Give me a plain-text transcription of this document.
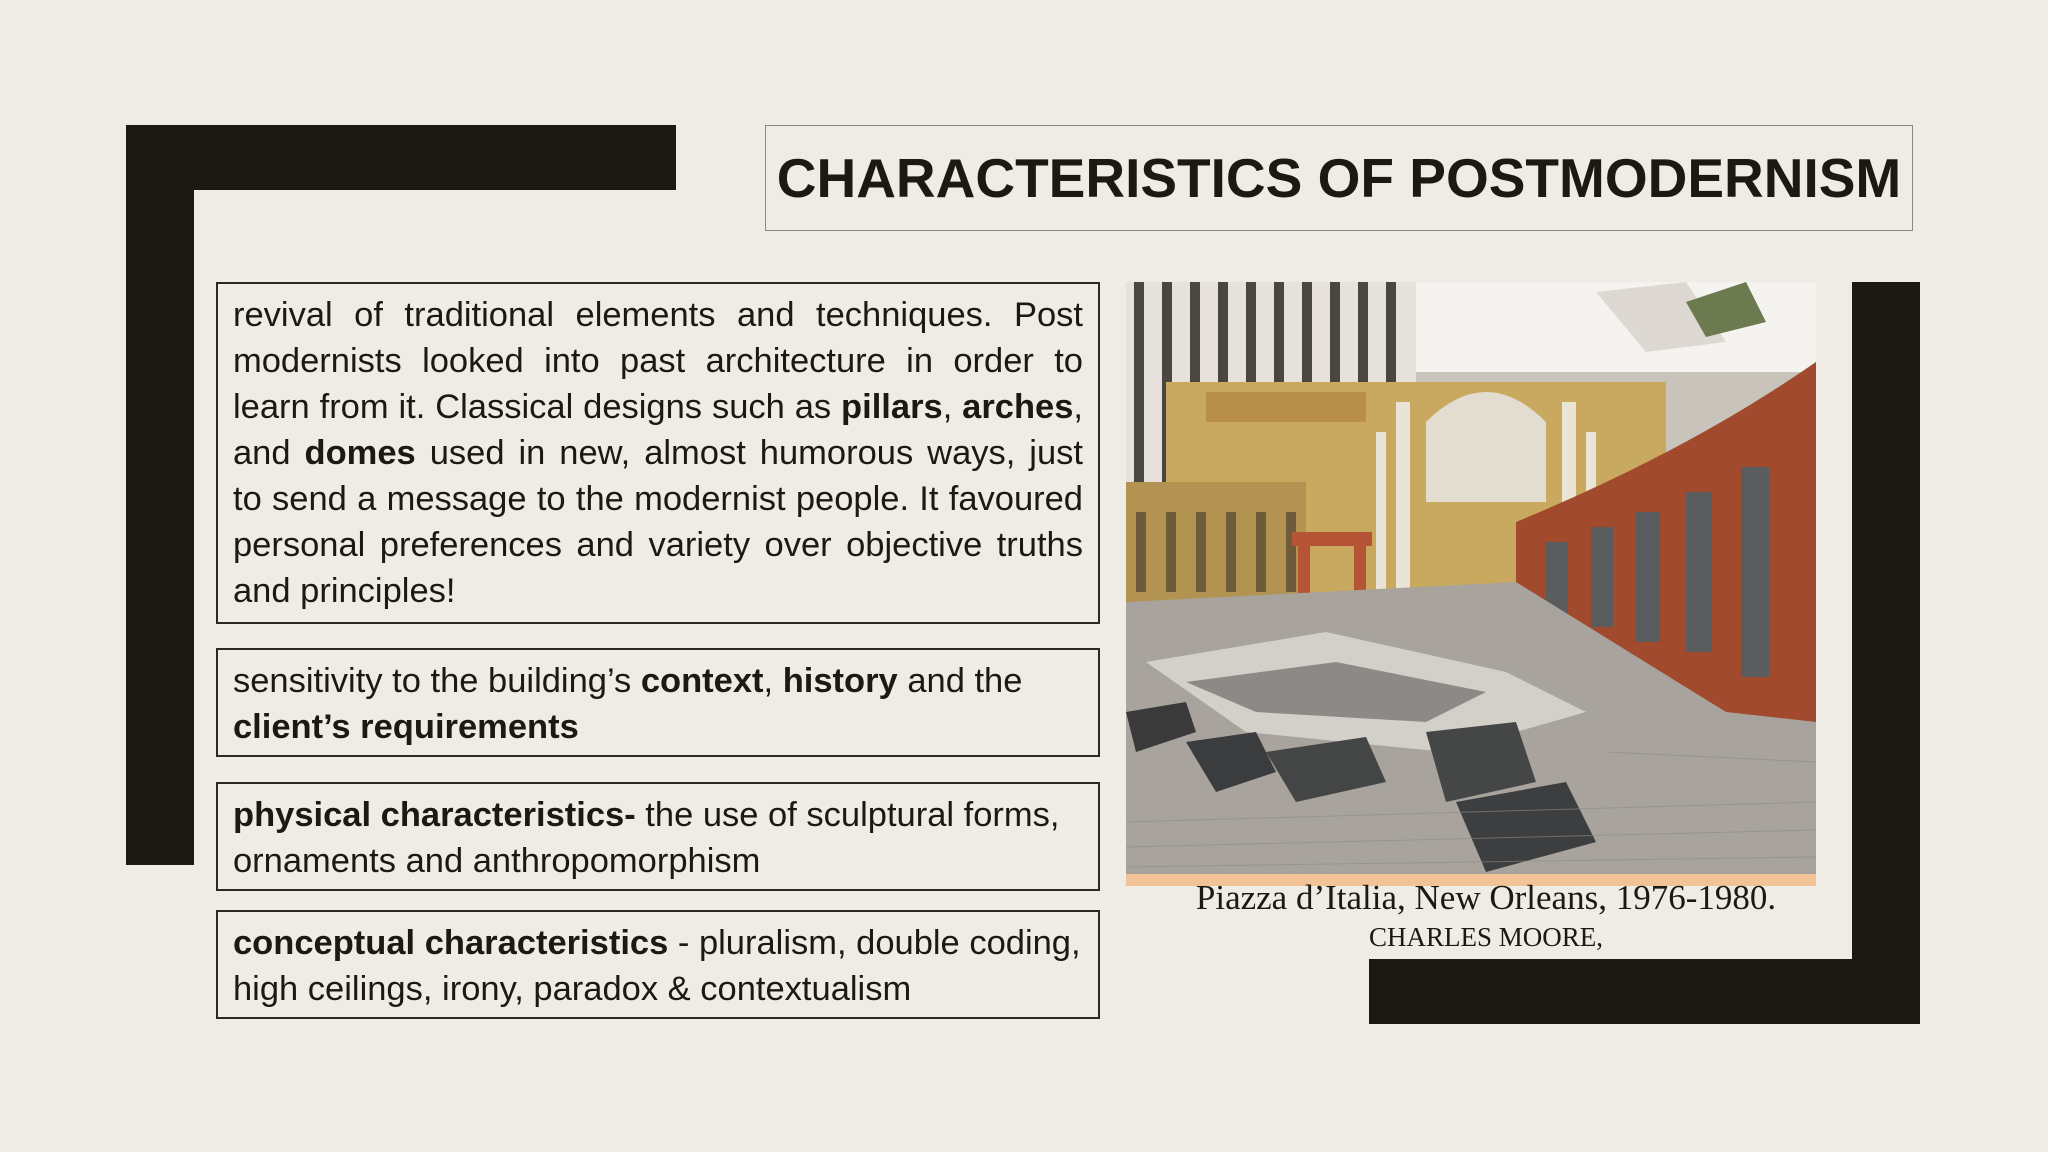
CHARACTERISTICS OF POSTMODERNISM
revival of traditional elements and techniques. Post modernists looked into past architecture in order to learn from it. Classical designs such as pillars, arches, and domes used in new, almost humorous ways, just to send a message to the modernist people. It favoured personal preferences and variety over objective truths and principles!
sensitivity to the building’s context, history and the
client’s requirements
physical characteristics- the use of sculptural forms, ornaments and anthropomorphism
conceptual characteristics - pluralism, double coding, high ceilings, irony, paradox & contextualism
Piazza d’Italia, New Orleans, 1976-1980.
CHARLES MOORE,
